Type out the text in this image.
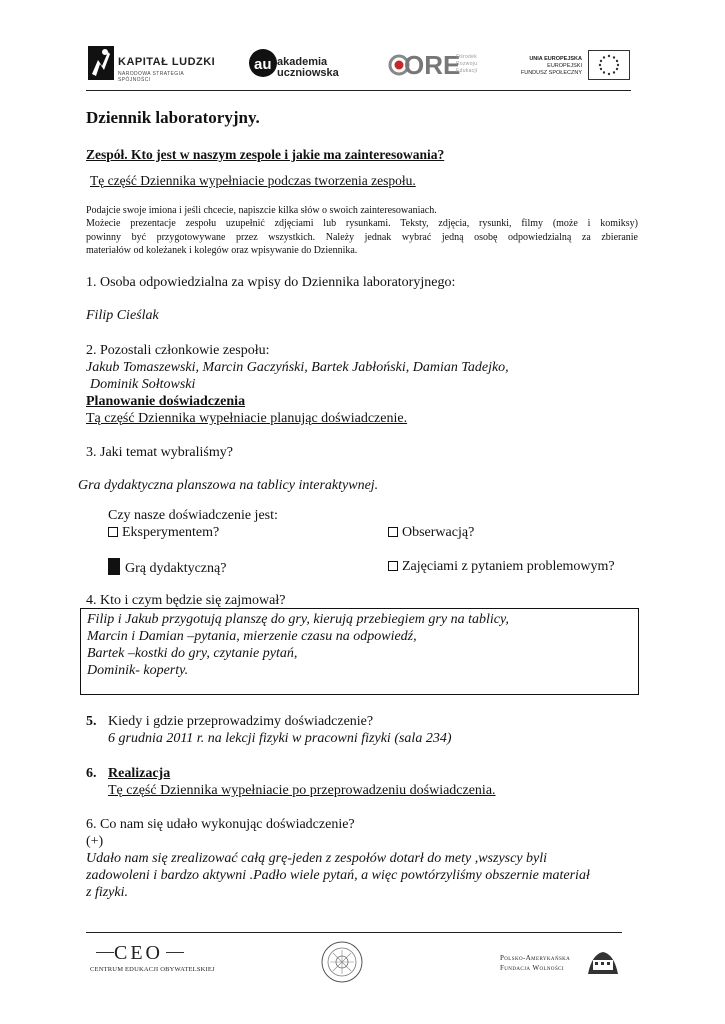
KAPITAŁ LUDZKI
NARODOWA STRATEGIA SPÓJNOŚCI
au akademia
uczniowska	ORE
Ośrodek
Rozwoju
Edukacji
UNIA EUROPEJSKA
EUROPEJSKI
FUNDUSZ SPOŁECZNY
Dziennik laboratoryjny.
Zespół. Kto jest w naszym zespole i jakie ma zainteresowania?
Tę część Dziennika wypełniacie podczas tworzenia zespołu.
Podajcie swoje imiona i jeśli chcecie, napiszcie kilka słów o swoich zainteresowaniach.
Możecie prezentacje zespołu uzupełnić zdjęciami lub rysunkami. Teksty, zdjęcia, rysunki, filmy (może i komiksy)
powinny być przygotowywane przez wszystkich. Należy jednak wybrać jedną osobę odpowiedzialną za zbieranie
materiałów od koleżanek i kolegów oraz wpisywanie do Dziennika.
1. Osoba odpowiedzialna za wpisy do Dziennika laboratoryjnego:
Filip Cieślak
2. Pozostali członkowie zespołu:
Jakub Tomaszewski, Marcin Gaczyński, Bartek Jabłoński, Damian Tadejko,
Dominik Sołtowski
Planowanie doświadczenia
Tą część Dziennika wypełniacie planując doświadczenie.
3. Jaki temat wybraliśmy?
Gra dydaktyczna planszowa na tablicy interaktywnej.
Czy nasze doświadczenie jest:
Eksperymentem?	Obserwacją?
Grą dydaktyczną?	Zajęciami z pytaniem problemowym?
4. Kto i czym będzie się zajmował?
Filip i Jakub przygotują planszę do gry, kierują przebiegiem gry na tablicy,
Marcin i Damian –pytania, mierzenie czasu na odpowiedź,
Bartek –kostki do gry, czytanie pytań,
Dominik- koperty.
5. Kiedy i gdzie przeprowadzimy doświadczenie?
6 grudnia 2011 r. na lekcji fizyki w pracowni fizyki (sala 234)
6. Realizacja
Tę część Dziennika wypełniacie po przeprowadzeniu doświadczenia.
6. Co nam się udało wykonując doświadczenie?
(+)
Udało nam się zrealizować całą grę-jeden z zespołów dotarł do mety ,wszyscy byli
zadowoleni i bardzo aktywni .Padło wiele pytań, a więc powtórzyliśmy obszernie materiał
z fizyki.
CEO
CENTRUM EDUKACJI OBYWATELSKIEJ
Polsko-Amerykańska
Fundacja Wolności
